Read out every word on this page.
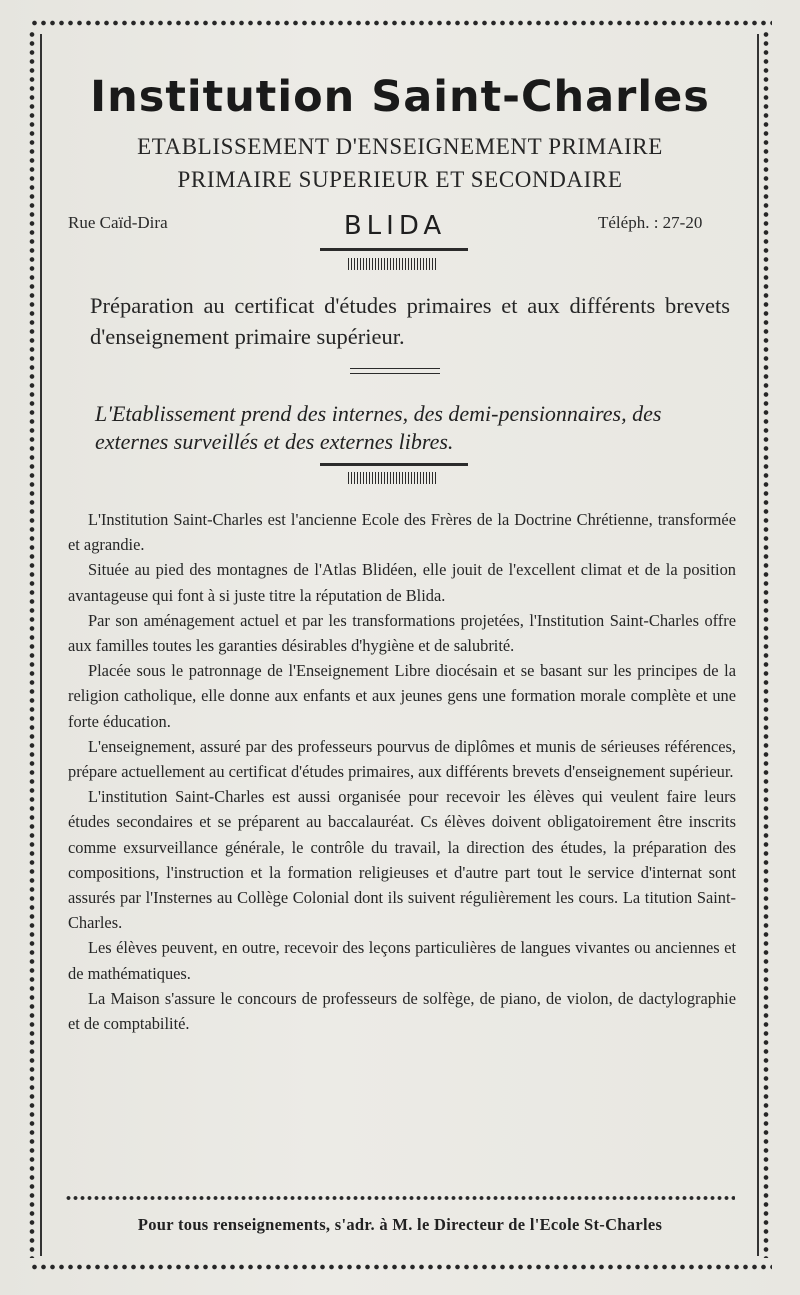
Institution Saint-Charles
ETABLISSEMENT D'ENSEIGNEMENT PRIMAIRE
PRIMAIRE SUPERIEUR ET SECONDAIRE
Rue Caïd-Dira	BLIDA	Téléph. : 27-20
Préparation au certificat d'études primaires et aux différents brevets d'enseignement primaire supérieur.
L'Etablissement prend des internes, des demi-pensionnaires, des externes surveillés et des externes libres.

L'Institution Saint-Charles est l'ancienne Ecole des Frères de la Doctrine Chrétienne, transformée et agrandie.

Située au pied des montagnes de l'Atlas Blidéen, elle jouit de l'excellent climat et de la position avantageuse qui font à si juste titre la réputation de Blida.

Par son aménagement actuel et par les transformations projetées, l'Institution Saint-Charles offre aux familles toutes les garanties désirables d'hygiène et de salubrité.

Placée sous le patronnage de l'Enseignement Libre diocésain et se basant sur les principes de la religion catholique, elle donne aux enfants et aux jeunes gens une formation morale complète et une forte éducation.

L'enseignement, assuré par des professeurs pourvus de diplômes et munis de sérieuses références, prépare actuellement au certificat d'études primaires, aux différents brevets d'enseignement supérieur.

L'institution Saint-Charles est aussi organisée pour recevoir les élèves qui veulent faire leurs études secondaires et se préparent au baccalauréat. Cs élèves doivent obligatoirement être inscrits comme exsurveillance générale, le contrôle du travail, la direction des études, la préparation des compositions, l'instruction et la formation religieuses et d'autre part tout le service d'internat sont assurés par l'Insternes au Collège Colonial dont ils suivent régulièrement les cours. La titution Saint-Charles.

Les élèves peuvent, en outre, recevoir des leçons particulières de langues vivantes ou anciennes et de mathématiques.

La Maison s'assure le concours de professeurs de solfège, de piano, de violon, de dactylographie et de comptabilité.

Pour tous renseignements, s'adr. à M. le Directeur de l'Ecole St-Charles
